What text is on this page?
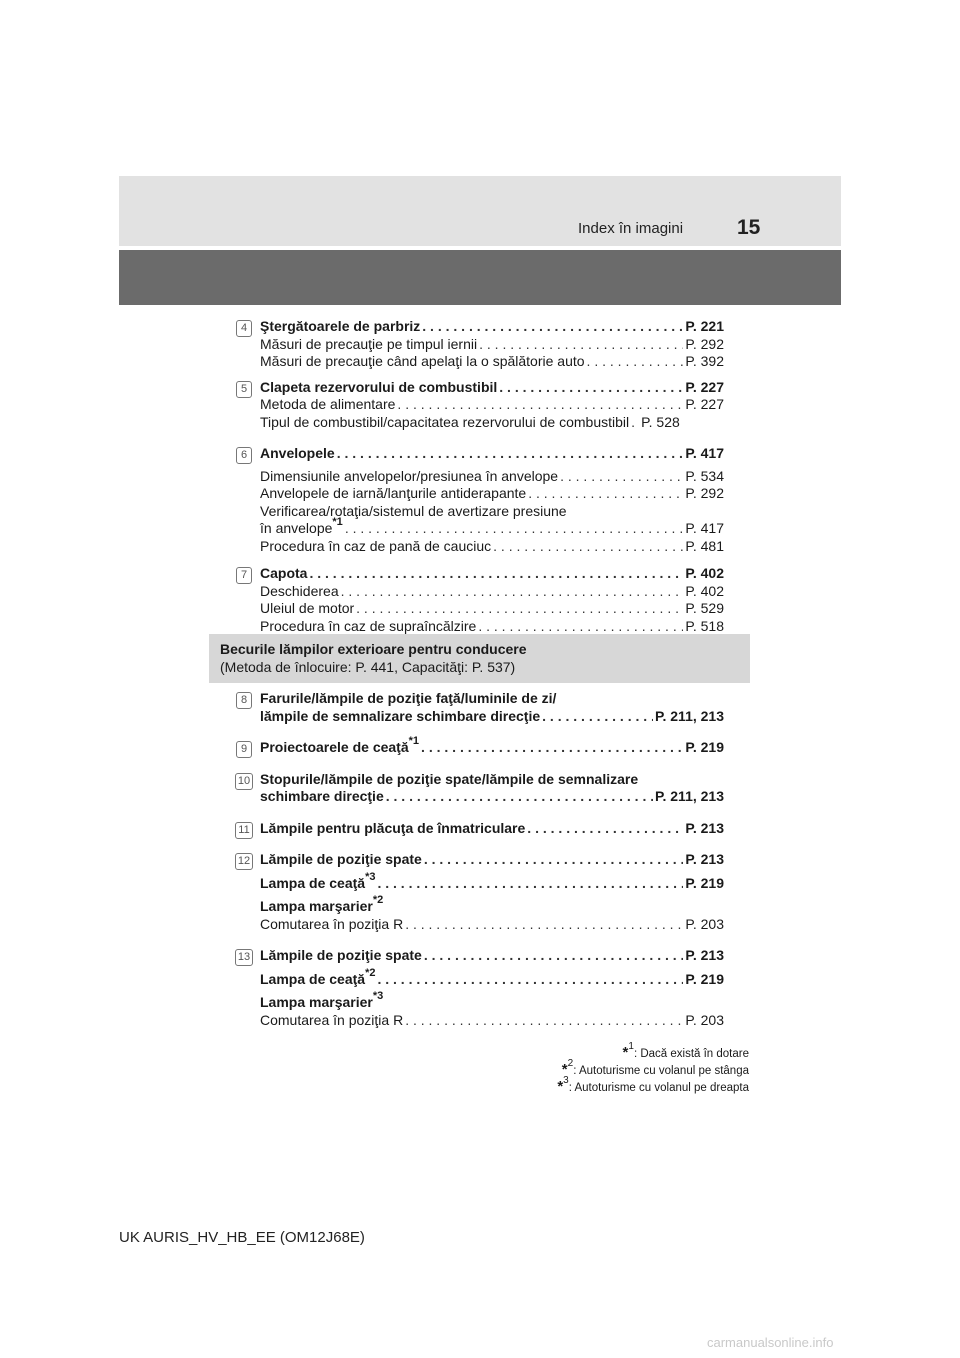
Index în imagini	15
4 Ştergătoarele de parbriz . . .	P. 221
Măsuri de precauţie pe timpul iernii . . .	P. 292
Măsuri de precauţie când apelaţi la o spălătorie auto . . .	P. 392
5 Clapeta rezervorului de combustibil . . .	P. 227
Metoda de alimentare . . .	P. 227
Tipul de combustibil/capacitatea rezervorului de combustibil . . . P. 528
6 Anvelopele . . .	P. 417
Dimensiunile anvelopelor/presiunea în anvelope . . .	P. 534
Anvelopele de iarnă/lanţurile antiderapante . . .	P. 292
Verificarea/rotaţia/sistemul de avertizare presiune
în anvelope$^{*1}$ . . .	P. 417
Procedura în caz de pană de cauciuc . . .	P. 481
7 Capota . . .	P. 402
Deschiderea . . .	P. 402
Uleiul de motor . . .	P. 529
Procedura în caz de supraîncălzire . . .	P. 518
Becurile lămpilor exterioare pentru conducere
(Metoda de înlocuire: P. 441, Capacităţi: P. 537)
8 Farurile/lămpile de poziţie faţă/luminile de zi/
lămpile de semnalizare schimbare direcţie . . .	P. 211, 213
9 Proiectoarele de ceaţă$^{*1}$ . . .	P. 219
10 Stopurile/lămpile de poziţie spate/lămpile de semnalizare
schimbare direcţie . . .	P. 211, 213
11 Lămpile pentru plăcuţa de înmatriculare . . .	P. 213
12 Lămpile de poziţie spate . . .	P. 213
Lampa de ceaţă$^{*3}$ . . .	P. 219
Lampa marşarier$^{*2}$
Comutarea în poziţia R . . .	P. 203
13 Lămpile de poziţie spate . . .	P. 213
Lampa de ceaţă$^{*2}$ . . .	P. 219
Lampa marşarier$^{*3}$
Comutarea în poziţia R . . .	P. 203
*$^1$: Dacă există în dotare
*$^2$: Autoturisme cu volanul pe stânga
*$^3$: Autoturisme cu volanul pe dreapta
UK AURIS_HV_HB_EE (OM12J68E)
carmanualsonline.info
